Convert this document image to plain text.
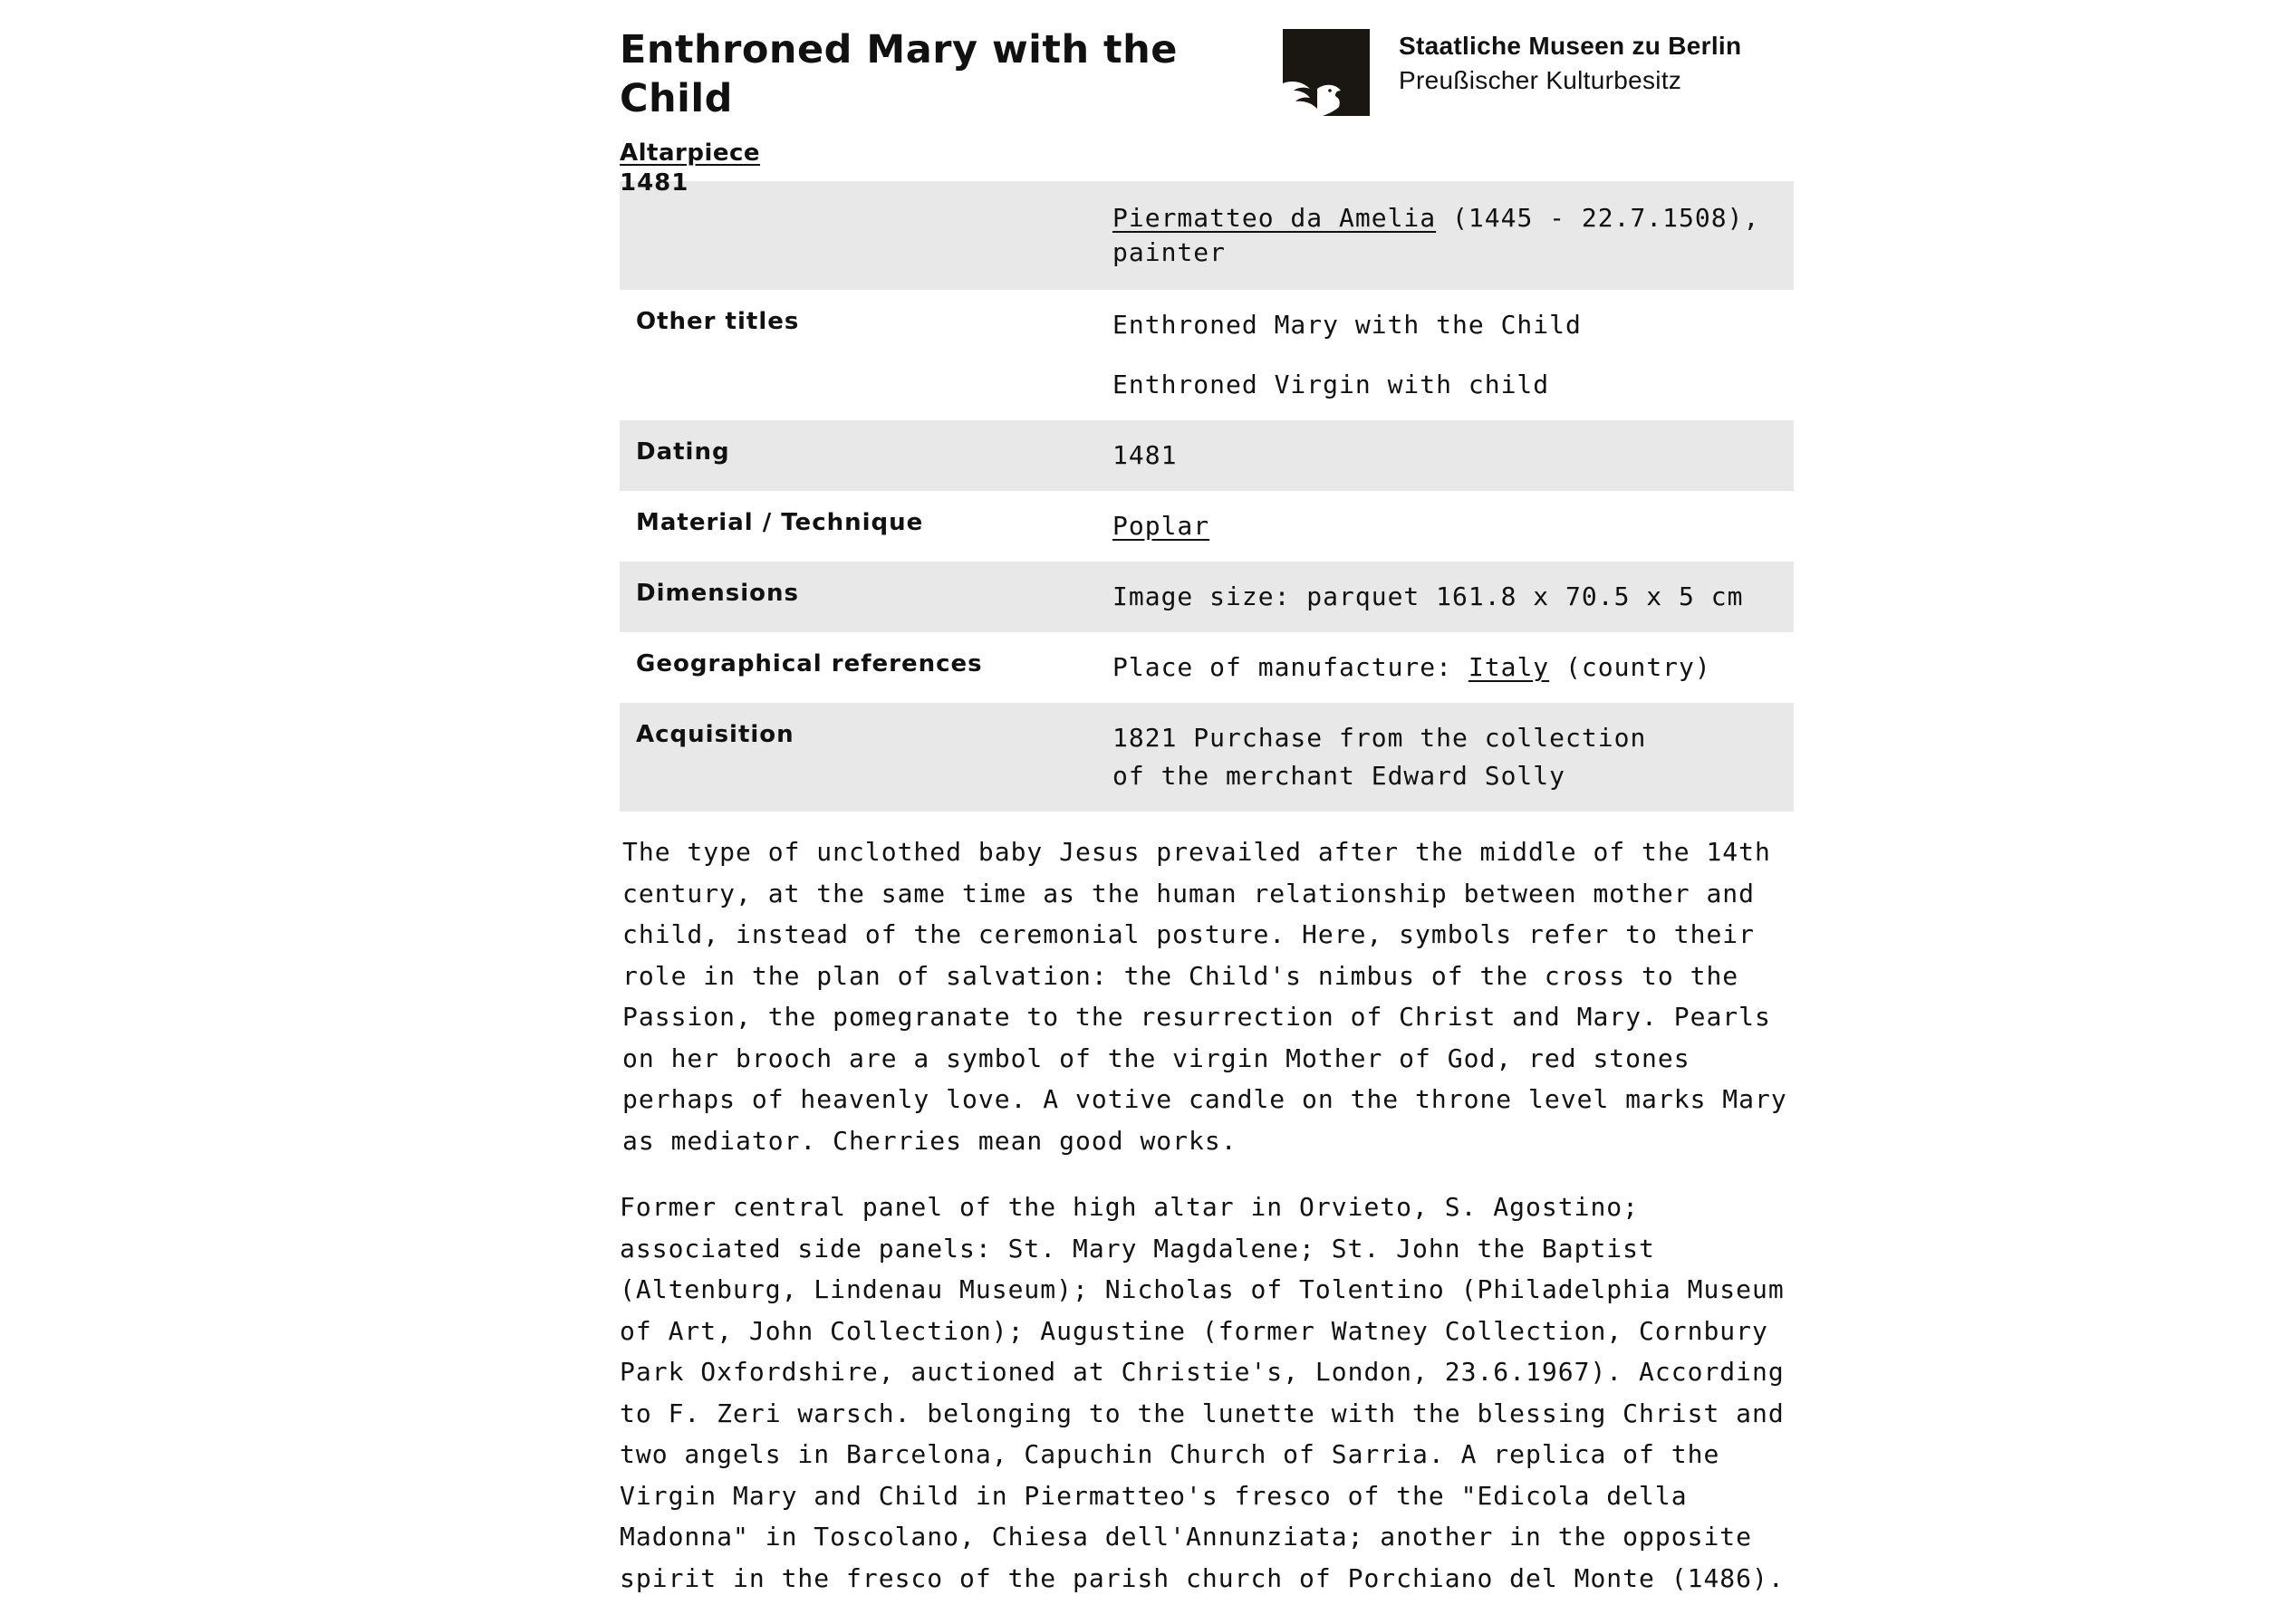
Enthroned Mary with the Child
Altarpiece
1481
Staatliche Museen zu Berlin
Preußischer Kulturbesitz

	Piermatteo da Amelia (1445 - 22.7.1508), painter

Other titles	Enthroned Mary with the Child
Enthroned Virgin with child

Dating	1481

Material / Technique	Poplar

Dimensions	Image size: parquet 161.8 x 70.5 x 5 cm

Geographical references	Place of manufacture: Italy (country)

Acquisition	1821 Purchase from the collection of the merchant Edward Solly

The type of unclothed baby Jesus prevailed after the middle of the 14th century, at the same time as the human relationship between mother and child, instead of the ceremonial posture. Here, symbols refer to their role in the plan of salvation: the Child's nimbus of the cross to the Passion, the pomegranate to the resurrection of Christ and Mary. Pearls on her brooch are a symbol of the virgin Mother of God, red stones perhaps of heavenly love. A votive candle on the throne level marks Mary as mediator. Cherries mean good works.

Former central panel of the high altar in Orvieto, S. Agostino; associated side panels: St. Mary Magdalene; St. John the Baptist (Altenburg, Lindenau Museum); Nicholas of Tolentino (Philadelphia Museum of Art, John Collection); Augustine (former Watney Collection, Cornbury Park Oxfordshire, auctioned at Christie's, London, 23.6.1967). According to F. Zeri warsch. belonging to the lunette with the blessing Christ and two angels in Barcelona, Capuchin Church of Sarria. A replica of the Virgin Mary and Child in Piermatteo's fresco of the "Edicola della Madonna" in Toscolano, Chiesa dell'Annunziata; another in the opposite spirit in the fresco of the parish church of Porchiano del Monte (1486).
